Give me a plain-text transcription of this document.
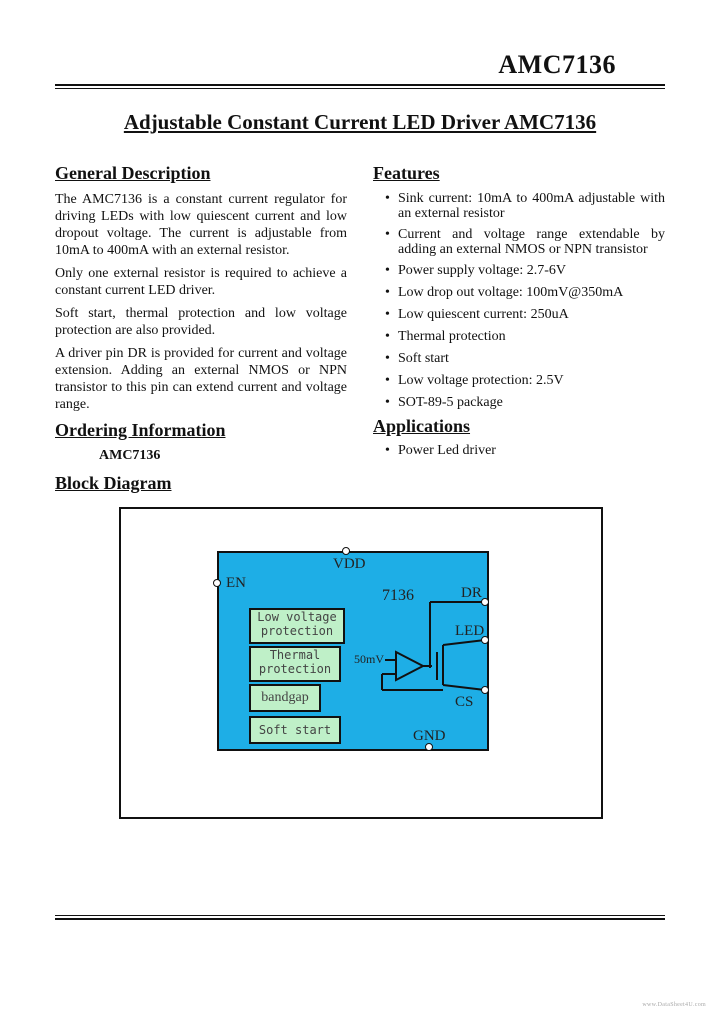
AMC7136
Adjustable Constant Current LED Driver AMC7136
General Description

The AMC7136 is a constant current regulator for driving LEDs with low quiescent current and low dropout voltage. The current is adjustable from 10mA to 400mA with an external resistor.

Only one external resistor is required to achieve a constant current LED driver.

Soft start, thermal protection and low voltage protection are also provided.

A driver pin DR is provided for current and voltage extension. Adding an external NMOS or NPN transistor to this pin can extend current and voltage range.

Ordering Information
AMC7136
Block Diagram
Features
• Sink current: 10mA to 400mA adjustable with an external resistor
• Current and voltage range extendable by adding an external NMOS or NPN transistor
• Power supply voltage: 2.7-6V
• Low drop out voltage: 100mV@350mA
• Low quiescent current: 250uA
• Thermal protection
• Soft start
• Low voltage protection: 2.5V
• SOT-89-5 package
Applications
• Power Led driver
VDD
EN
7136	DR
LED
CS
GND
50mV
Low voltage
protection
Thermal
protection
bandgap
Soft start
www.DataSheet4U.com
